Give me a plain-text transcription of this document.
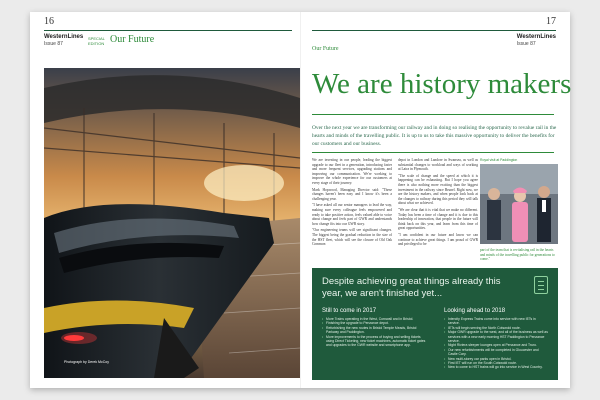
16
WesternLines
Issue 87
SPECIAL EDITION Our Future
Photograph by Derek McCoy
17
WesternLines
Issue 87
Our Future
We are history makers
Over the next year we are transforming our railway and in doing so realising the opportunity to revalue rail in the hearts and minds of the travelling public. It is up to us to take this massive opportunity to deliver the benefits for our customers and our business.

We are investing in our people, leading the biggest upgrade to our fleet in a generation, introducing faster and more frequent services, upgrading stations and improving our communication. We're working to improve the whole experience for our customers at every stage of their journey.

Mark Hopwood, Managing Director said: "These changes haven't been easy and I know it's been a challenging year.

"I have asked all our senior managers to lead the way, making sure every colleague feels empowered and ready to take positive action, feels valued able to voice about change and feels part of GWR and understands how change fits into our GWR story.

"Our engineering teams will see significant changes. The biggest being the gradual reduction in the size of the HST fleet, which will see the closure of Old Oak Common

depot in London and Landore in Swansea, as well as substantial changes to workload and ways of working at Laira in Plymouth.

"The scale of change and the speed at which it is happening can be exhausting. But I hope you agree there is also nothing more exciting than the biggest investment in the railway since Brunel. Right now, we are the history makers, and when people look back at the changes to railway during this period they will talk about what we achieved.

"We are clear that it is vital that we make no different. Today has been a time of change and it is due to this leadership of innovation, that people in the future will think back on this year, and learn from this time of great opportunities.

"I am confident in our future and know we can continue to achieve great things. I am proud of GWR and privileged to be

Royal visit at Paddington
part of the team that is revitalising rail in the hearts and minds of the travelling public for generations to come."
Despite achieving great things already this year, we aren't finished yet...
Still to come in 2017
• More Trains operating in the West, Cornwall and in Bristol.
• Finishing the upgrade to Penzance depot.
• Refurbishing the new routes in Bristol Temple Meads, Bristol Parkway and Paddington.
• More improvements to the process of buying and selling tickets using Direct Ticketing, new ticket machines, automatic ticket gates and upgrades to the GWR website and smartphone app.
Looking ahead to 2018
• Intercity Express Trains come into service with new IETs in service.
• IETs will begin serving the North Cotswold route.
• Major GWR upgrade to the west, and all of the business as well as services with a new early morning HST Paddington to Penzance service.
• Night Riviera sleeper lounges open at Penzance and Truro.
• Our new refurbishments will be completed in Gloucester and Castle Cary.
• New multi-storey car parks open in Bristol.
• First IET will run on the South Cotswold route.
• New to come to HST trains will go into service in West Country.
